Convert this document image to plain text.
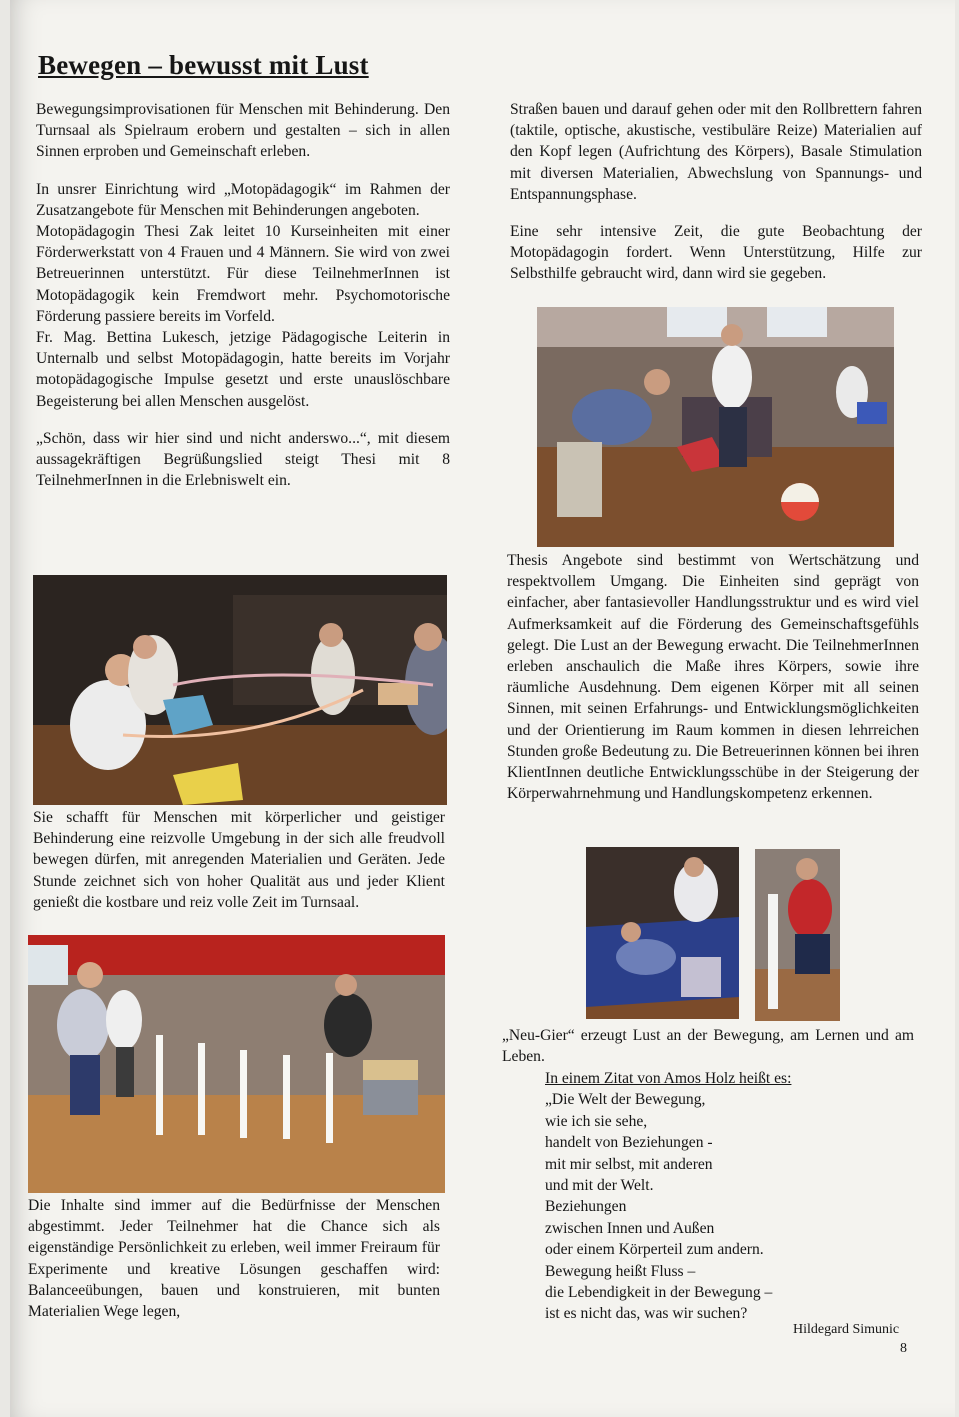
Bewegen – bewusst mit Lust

Bewegungsimprovisationen für Menschen mit Behinderung. Den Turnsaal als Spielraum erobern und gestalten – sich in allen Sinnen erproben und Gemeinschaft erleben.

In unsrer Einrichtung wird „Motopädagogik“ im Rahmen der Zusatzangebote für Menschen mit Behinderungen angeboten.

Motopädagogin Thesi Zak leitet 10 Kurseinheiten mit einer Förderwerkstatt von 4 Frauen und 4 Männern. Sie wird von zwei Betreuerinnen unterstützt. Für diese TeilnehmerInnen ist Motopädagogik kein Fremdwort mehr. Psychomotorische Förderung passiere bereits im Vorfeld.

Fr. Mag. Bettina Lukesch, jetzige Pädagogische Leiterin in Unternalb und selbst Motopädagogin, hatte bereits im Vorjahr motopädagogische Impulse gesetzt und erste unauslöschbare Begeisterung bei allen Menschen ausgelöst.

„Schön, dass wir hier sind und nicht anderswo...“, mit diesem aussagekräftigen Begrüßungslied steigt Thesi mit 8 TeilnehmerInnen in die Erlebniswelt ein.

Sie schafft für Menschen mit körperlicher und geistiger Behinderung eine reizvolle Umgebung in der sich alle freudvoll bewegen dürfen, mit anregenden Materialien und Geräten. Jede Stunde zeichnet sich von hoher Qualität aus und jeder Klient genießt die kostbare und reiz volle Zeit im Turnsaal.

Die Inhalte sind immer auf die Bedürfnisse der Menschen abgestimmt. Jeder Teilnehmer hat die Chance sich als eigenständige Persönlichkeit zu erleben, weil immer Freiraum für Experimente und kreative Lösungen geschaffen wird: Balanceeübungen, bauen und konstruieren, mit bunten Materialien Wege legen,

Straßen bauen und darauf gehen oder mit den Rollbrettern fahren (taktile, optische, akustische, vestibuläre Reize) Materialien auf den Kopf legen (Aufrichtung des Körpers), Basale Stimulation mit diversen Materialien, Abwechslung von Spannungs- und Entspannungsphase.

Eine sehr intensive Zeit, die gute Beobachtung der Motopädagogin fordert. Wenn Unterstützung, Hilfe zur Selbsthilfe gebraucht wird, dann wird sie gegeben.

Thesis Angebote sind bestimmt von Wertschätzung und respektvollem Umgang. Die Einheiten sind geprägt von einfacher, aber fantasievoller Handlungsstruktur und es wird viel Aufmerksamkeit auf die Förderung des Gemeinschaftsgefühls gelegt. Die Lust an der Bewegung erwacht. Die TeilnehmerInnen erleben anschaulich die Maße ihres Körpers, sowie ihre räumliche Ausdehnung. Dem eigenen Körper mit all seinen Sinnen, mit seinen Erfahrungs- und Entwicklungsmöglichkeiten und der Orientierung im Raum kommen in diesen lehrreichen Stunden große Bedeutung zu. Die Betreuerinnen können bei ihren KlientInnen deutliche Entwicklungsschübe in der Steigerung der Körperwahrnehmung und Handlungskompetenz erkennen.

„Neu-Gier“ erzeugt Lust an der Bewegung, am Lernen und am Leben.

In einem Zitat von Amos Holz heißt es:
„Die Welt der Bewegung,
wie ich sie sehe,
handelt von Beziehungen -
mit mir selbst, mit anderen
und mit der Welt.
Beziehungen
zwischen Innen und Außen
oder einem Körperteil zum andern.
Bewegung heißt Fluss –
die Lebendigkeit in der Bewegung –
ist es nicht das, was wir suchen?
Hildegard Simunic
8
